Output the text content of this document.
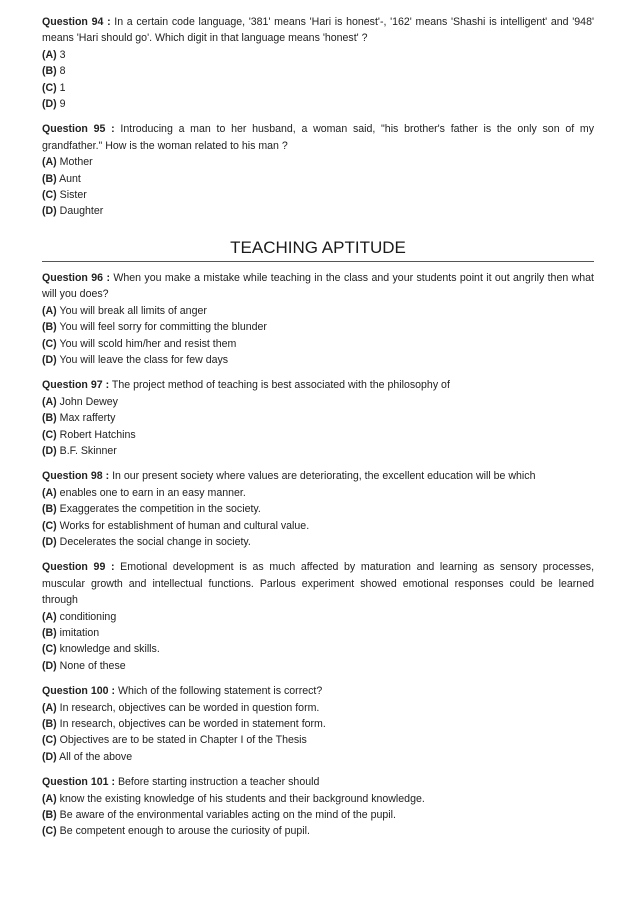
Question 94 : In a certain code language, '381' means 'Hari is honest'-, '162' means 'Shashi is intelligent' and '948' means 'Hari should go'. Which digit in that language means 'honest' ?
(A) 3
(B) 8
(C) 1
(D) 9
Question 95 : Introducing a man to her husband, a woman said, "his brother's father is the only son of my grandfather." How is the woman related to his man ?
(A) Mother
(B) Aunt
(C) Sister
(D) Daughter
TEACHING APTITUDE
Question 96 : When you make a mistake while teaching in the class and your students point it out angrily then what will you does?
(A) You will break all limits of anger
(B) You will feel sorry for committing the blunder
(C) You will scold him/her and resist them
(D) You will leave the class for few days
Question 97 : The project method of teaching is best associated with the philosophy of
(A) John Dewey
(B) Max rafferty
(C) Robert Hatchins
(D) B.F. Skinner
Question 98 : In our present society where values are deteriorating, the excellent education will be which
(A) enables one to earn in an easy manner.
(B) Exaggerates the competition in the society.
(C) Works for establishment of human and cultural value.
(D) Decelerates the social change in society.
Question 99 : Emotional development is as much affected by maturation and learning as sensory processes, muscular growth and intellectual functions. Parlous experiment showed emotional responses could be learned through
(A) conditioning
(B) imitation
(C) knowledge and skills.
(D) None of these
Question 100 : Which of the following statement is correct?
(A) In research, objectives can be worded in question form.
(B) In research, objectives can be worded in statement form.
(C) Objectives are to be stated in Chapter I of the Thesis
(D) All of the above
Question 101 : Before starting instruction a teacher should
(A) know the existing knowledge of his students and their background knowledge.
(B) Be aware of the environmental variables acting on the mind of the pupil.
(C) Be competent enough to arouse the curiosity of pupil.
